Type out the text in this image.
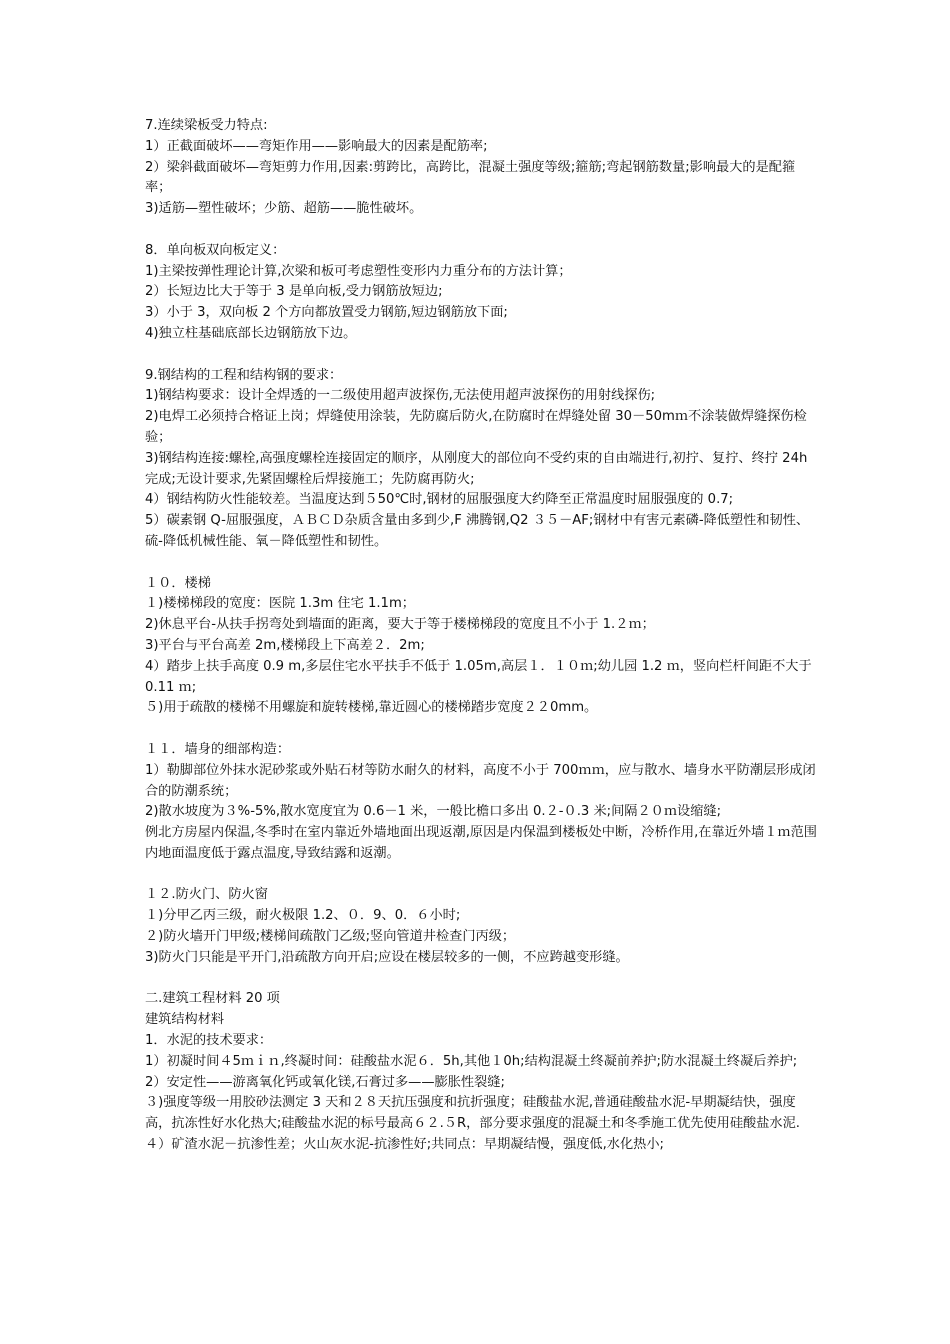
7.连续梁板受力特点:
1）正截面破坏——弯矩作用——影响最大的因素是配筋率;
2）梁斜截面破坏—弯矩剪力作用,因素:剪跨比，高跨比，混凝土强度等级;箍筋;弯起钢筋数量;影响最大的是配箍率；
3)适筋—塑性破坏；少筋、超筋——脆性破坏。
8．单向板双向板定义：
1)主梁按弹性理论计算,次梁和板可考虑塑性变形内力重分布的方法计算；
2）长短边比大于等于 3 是单向板,受力钢筋放短边;
3）小于 3，双向板 2 个方向都放置受力钢筋,短边钢筋放下面;
4)独立柱基础底部长边钢筋放下边。
9.钢结构的工程和结构钢的要求：
1)钢结构要求：设计全焊透的一二级使用超声波探伤,无法使用超声波探伤的用射线探伤;
2)电焊工必须持合格证上岗；焊缝使用涂装，先防腐后防火,在防腐时在焊缝处留 30－50mｍ不涂装做焊缝探伤检验；
3)钢结构连接:螺栓,高强度螺栓连接固定的顺序，从刚度大的部位向不受约束的自由端进行,初拧、复拧、终拧 24h 完成;无设计要求,先紧固螺栓后焊接施工；先防腐再防火;
4）钢结构防火性能较差。当温度达到５50℃时,钢材的屈服强度大约降至正常温度时屈服强度的 0.7;
5）碳素钢 Q-屈服强度，ＡＢＣＤ杂质含量由多到少,F 沸腾钢,Q2 ３５－AF;钢材中有害元素磷-降低塑性和韧性、硫-降低机械性能、氧－降低塑性和韧性。
１０．楼梯
１)楼梯梯段的宽度：医院 1.3m 住宅 1.1m；
2)休息平台-从扶手拐弯处到墙面的距离，要大于等于楼梯梯段的宽度且不小于 1.２ｍ；
3)平台与平台高差 2m,楼梯段上下高差２．2m;
4）踏步上扶手高度 0.9 m,多层住宅水平扶手不低于 1.05m,高层１．１０ｍ;幼儿园 1.2 ｍ，竖向栏杆间距不大于 0.11 ｍ;
５)用于疏散的楼梯不用螺旋和旋转楼梯,靠近圆心的楼梯踏步宽度２２0mm。
１１．墙身的细部构造：
1）勒脚部位外抹水泥砂浆或外贴石材等防水耐久的材料，高度不小于 700ｍｍ，应与散水、墙身水平防潮层形成闭合的防潮系统；
2)散水坡度为３%-5%,散水宽度宜为 0.6－1 米，一般比檐口多出 0.２-０.3 米;间隔２０ｍ设缩缝;
例北方房屋内保温,冬季时在室内靠近外墙地面出现返潮,原因是内保温到楼板处中断，冷桥作用,在靠近外墙１ｍ范围内地面温度低于露点温度,导致结露和返潮。
１２.防火门、防火窗
１)分甲乙丙三级，耐火极限 1.2、０．9、0．６小时;
２)防火墙开门甲级;楼梯间疏散门乙级;竖向管道井检查门丙级；
3)防火门只能是平开门,沿疏散方向开启;应设在楼层较多的一侧，不应跨越变形缝。
二.建筑工程材料 20 项
建筑结构材料
1．水泥的技术要求：
1）初凝时间４5ｍｉｎ,终凝时间：硅酸盐水泥６．5h,其他１0h;结构混凝土终凝前养护;防水混凝土终凝后养护;
2）安定性——游离氧化钙或氧化镁,石膏过多——膨胀性裂缝;
３)强度等级一用胶砂法测定 3 天和２８天抗压强度和抗折强度；硅酸盐水泥,普通硅酸盐水泥-早期凝结快，强度高，抗冻性好水化热大;硅酸盐水泥的标号最高６２.５R，部分要求强度的混凝土和冬季施工优先使用硅酸盐水泥.
４）矿渣水泥－抗渗性差；火山灰水泥-抗渗性好;共同点：早期凝结慢，强度低,水化热小;
